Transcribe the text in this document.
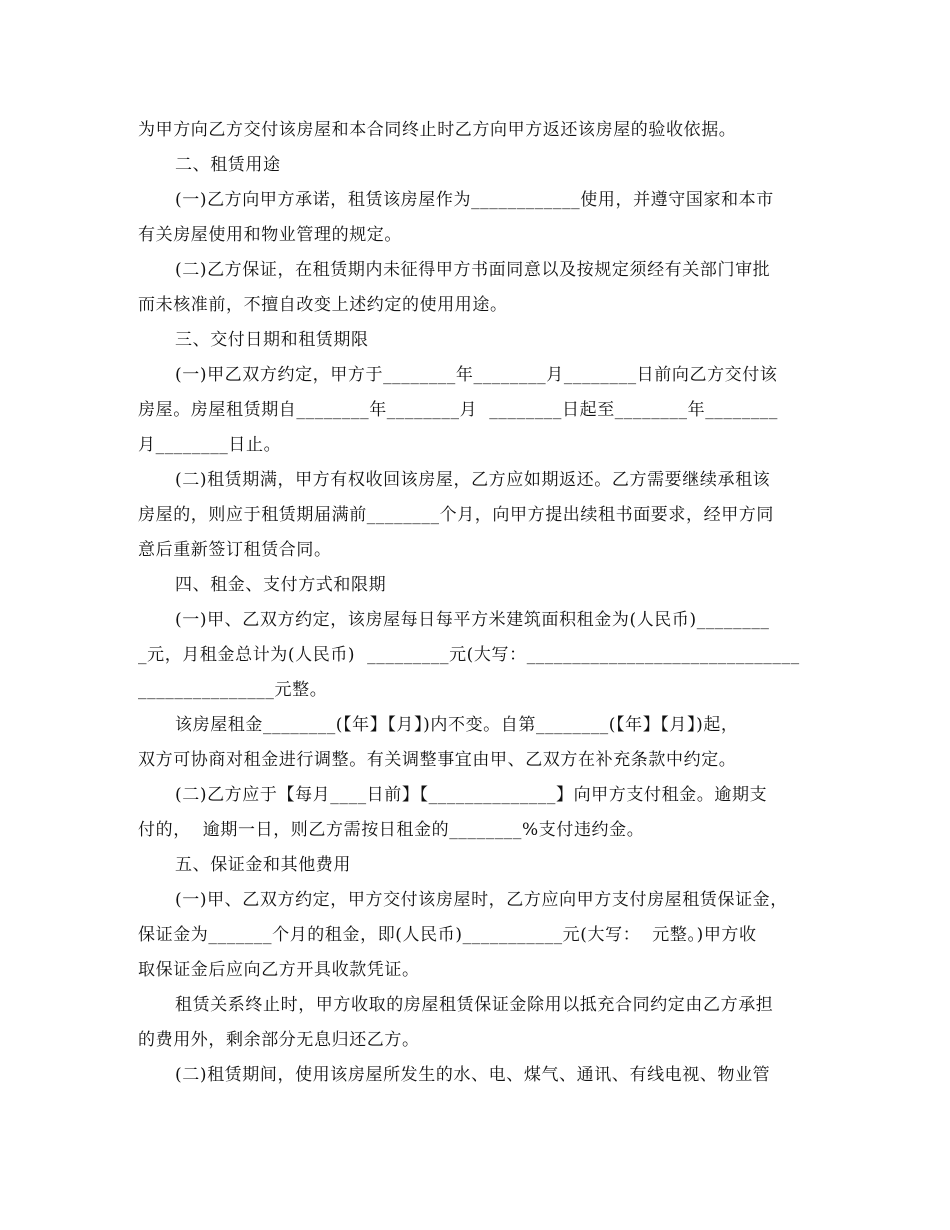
为甲方向乙方交付该房屋和本合同终止时乙方向甲方返还该房屋的验收依据。
二、租赁用途
(一)乙方向甲方承诺，租赁该房屋作为____________使用，并遵守国家和本市
有关房屋使用和物业管理的规定。
(二)乙方保证，在租赁期内未征得甲方书面同意以及按规定须经有关部门审批
而未核准前，不擅自改变上述约定的使用用途。
三、交付日期和租赁期限
(一)甲乙双方约定，甲方于________年________月________日前向乙方交付该
房屋。房屋租赁期自________年________月  ________日起至________年________
月________日止。
(二)租赁期满，甲方有权收回该房屋，乙方应如期返还。乙方需要继续承租该
房屋的，则应于租赁期届满前________个月，向甲方提出续租书面要求，经甲方同
意后重新签订租赁合同。
四、租金、支付方式和限期
(一)甲、乙双方约定，该房屋每日每平方米建筑面积租金为(人民币)________
_元，月租金总计为(人民币)  _________元(大写：______________________________
_______________元整。
该房屋租金________(【年】【月】)内不变。自第________(【年】【月】)起，
双方可协商对租金进行调整。有关调整事宜由甲、乙双方在补充条款中约定。
(二)乙方应于【每月____日前】【______________】向甲方支付租金。逾期支
付的，  逾期一日，则乙方需按日租金的________%支付违约金。
五、保证金和其他费用
(一)甲、乙双方约定，甲方交付该房屋时，乙方应向甲方支付房屋租赁保证金，
保证金为_______个月的租金，即(人民币)___________元(大写：  元整。)甲方收
取保证金后应向乙方开具收款凭证。
租赁关系终止时，甲方收取的房屋租赁保证金除用以抵充合同约定由乙方承担
的费用外，剩余部分无息归还乙方。
(二)租赁期间，使用该房屋所发生的水、电、煤气、通讯、有线电视、物业管
